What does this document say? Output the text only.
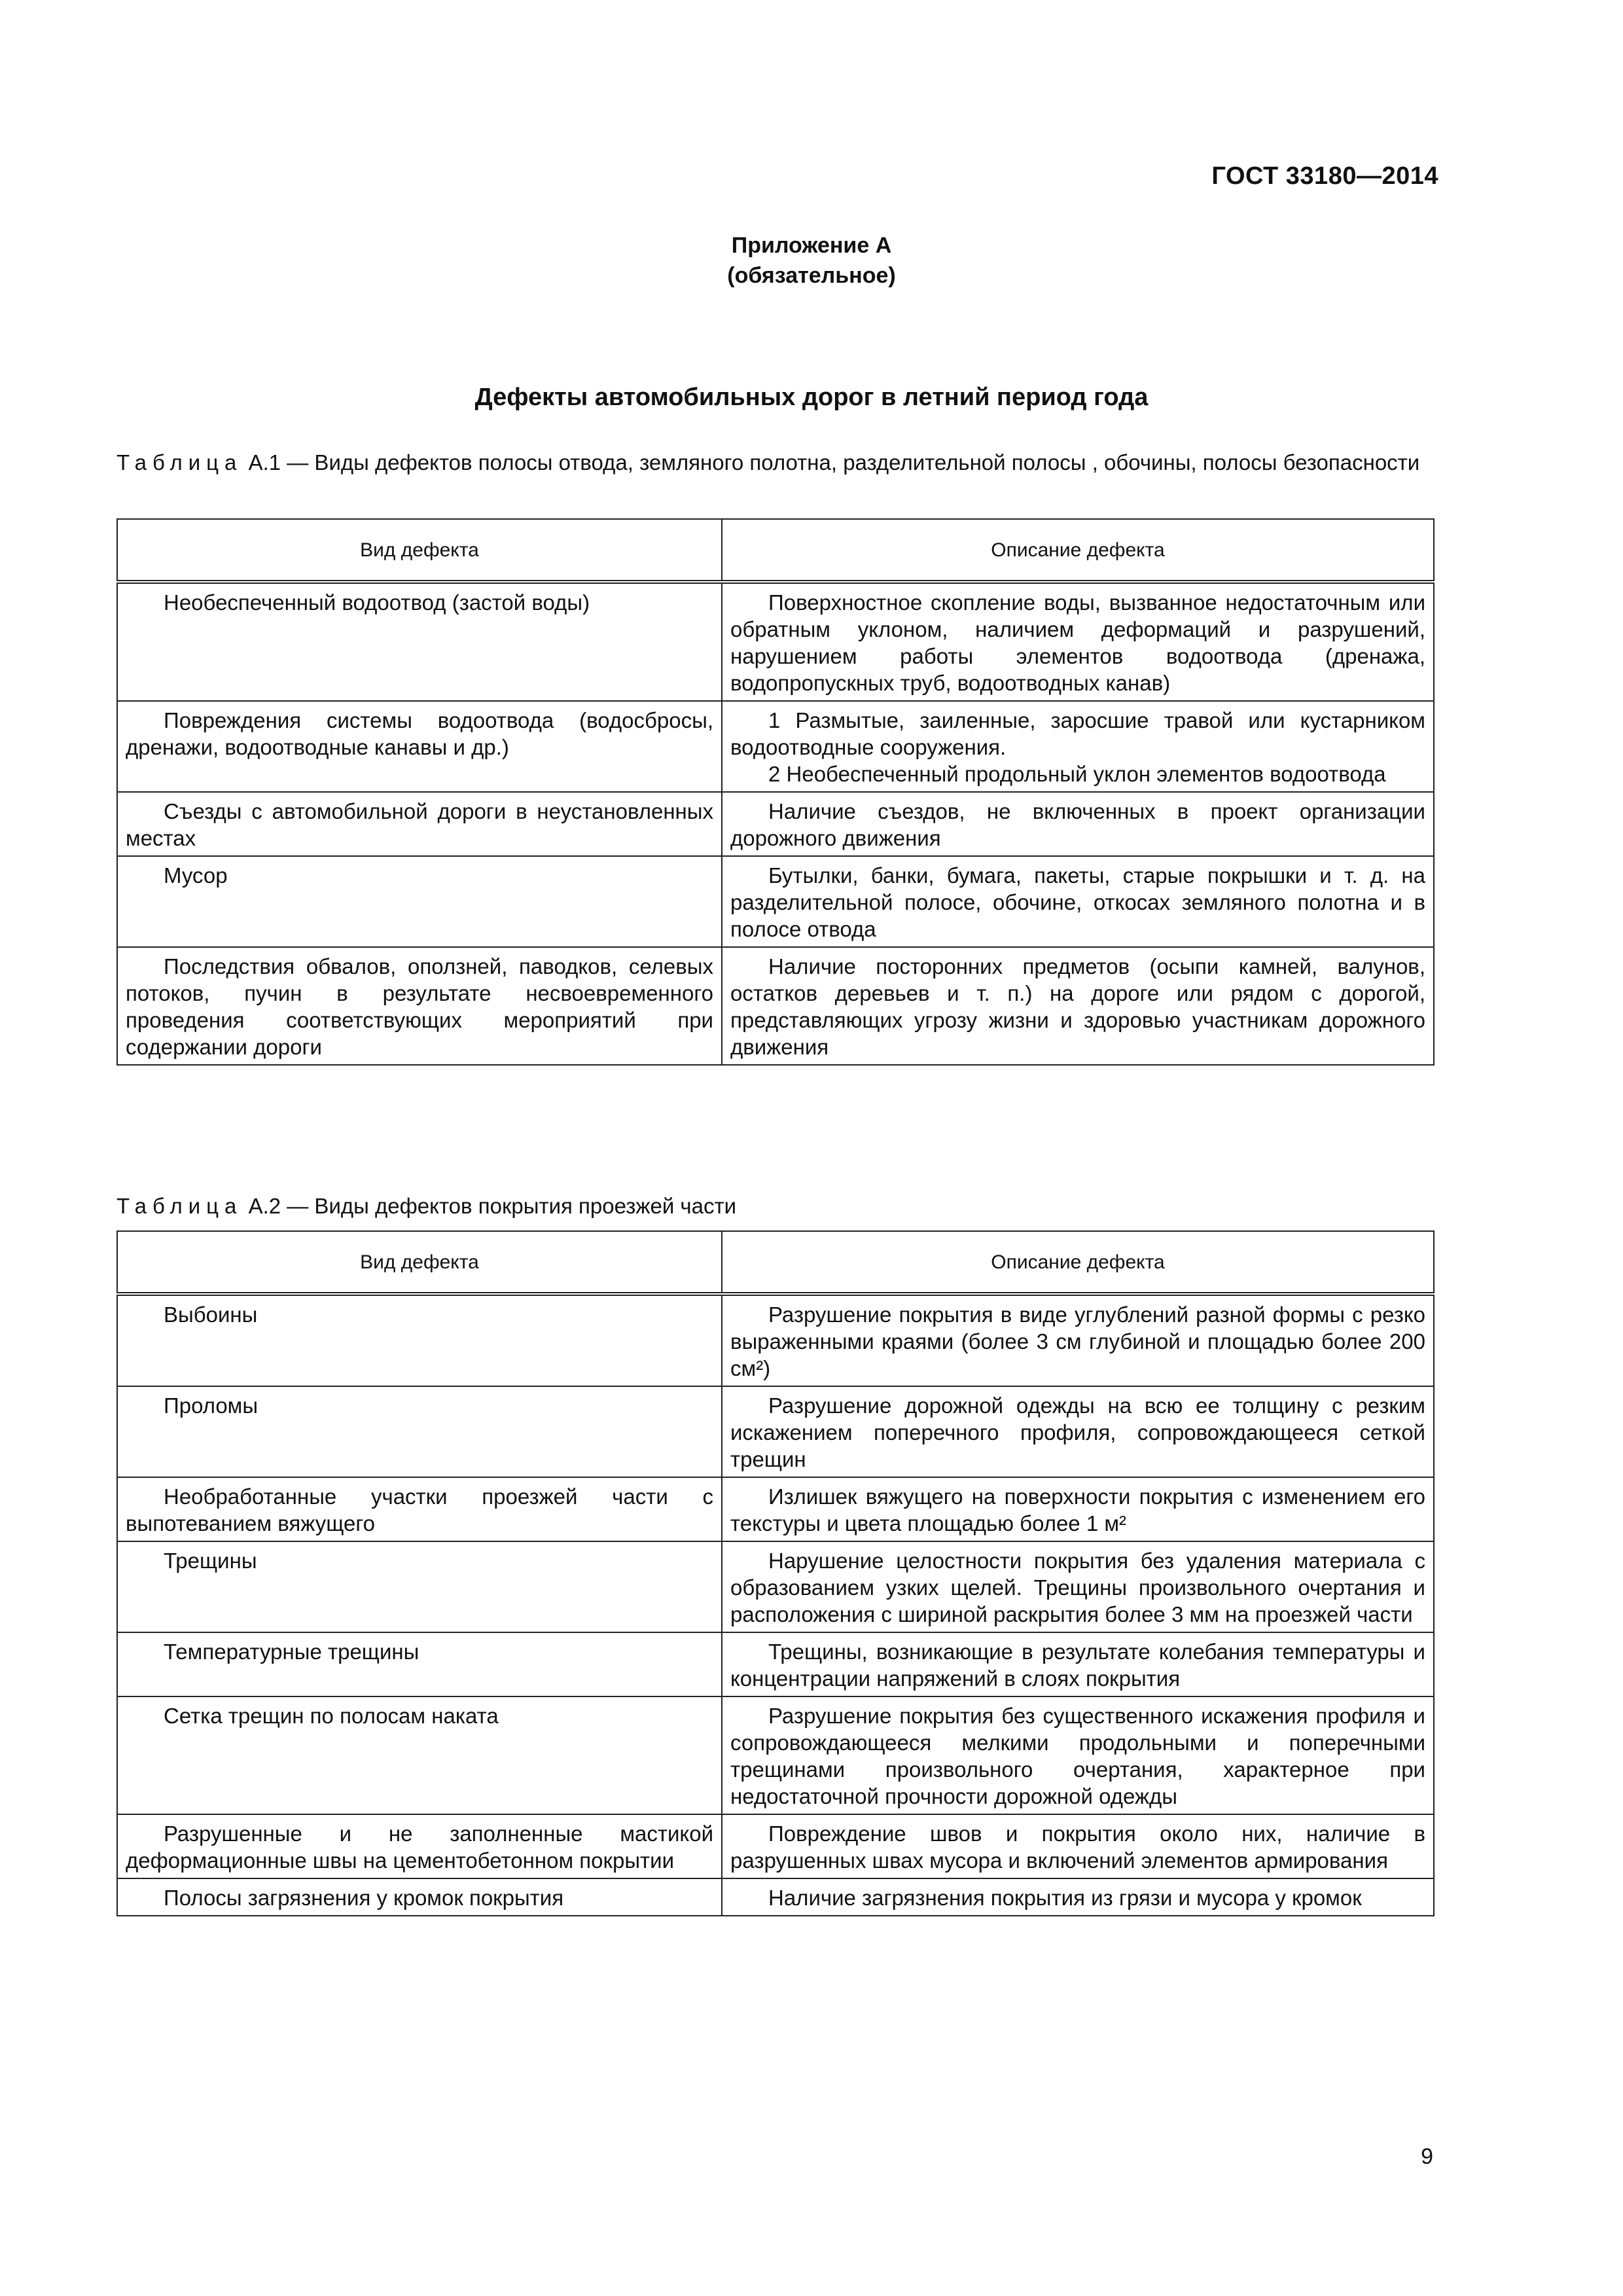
ГОСТ 33180—2014
Приложение А
(обязательное)
Дефекты автомобильных дорог в летний период года
Таблица А.1 — Виды дефектов полосы отвода, земляного полотна, разделительной полосы , обочины, полосы безопасности
Вид дефекта	Описание дефекта

Необеспеченный водоотвод (застой воды)	Поверхностное скопление воды, вызванное недостаточным или обратным уклоном, наличием деформаций и разрушений, нарушением работы элементов водоотвода (дренажа, водопропускных труб, водоотводных канав)

Повреждения системы водоотвода (водосбросы, дренажи, водоотводные канавы и др.)	1 Размытые, заиленные, заросшие травой или кустарником водоотводные сооружения.

2 Необеспеченный продольный уклон элементов водоотвода

Съезды с автомобильной дороги в неустановленных местах	Наличие съездов, не включенных в проект организации дорожного движения

Мусор	Бутылки, банки, бумага, пакеты, старые покрышки и т. д. на разделительной полосе, обочине, откосах земляного полотна и в полосе отвода

Последствия обвалов, оползней, паводков, селевых потоков, пучин в результате несвоевременного проведения соответствующих мероприятий при содержании дороги	Наличие посторонних предметов (осыпи камней, валунов, остатков деревьев и т. п.) на дороге или рядом с дорогой, представляющих угрозу жизни и здоровью участникам дорожного движения

Таблица А.2 — Виды дефектов покрытия проезжей части
Вид дефекта	Описание дефекта

Выбоины	Разрушение покрытия в виде углублений разной формы с резко выраженными краями (более 3 см глубиной и площадью более 200 см²)

Проломы	Разрушение дорожной одежды на всю ее толщину с резким искажением поперечного профиля, сопровождающееся сеткой трещин

Необработанные участки проезжей части с выпотеванием вяжущего	Излишек вяжущего на поверхности покрытия с изменением его текстуры и цвета площадью более 1 м²

Трещины	Нарушение целостности покрытия без удаления материала с образованием узких щелей. Трещины произвольного очертания и расположения с шириной раскрытия более 3 мм на проезжей части

Температурные трещины	Трещины, возникающие в результате колебания температуры и концентрации напряжений в слоях покрытия

Сетка трещин по полосам наката	Разрушение покрытия без существенного искажения профиля и сопровождающееся мелкими продольными и поперечными трещинами произвольного очертания, характерное при недостаточной прочности дорожной одежды

Разрушенные и не заполненные мастикой деформационные швы на цементобетонном покрытии	Повреждение швов и покрытия около них, наличие в разрушенных швах мусора и включений элементов армирования

Полосы загрязнения у кромок покрытия	Наличие загрязнения покрытия из грязи и мусора у кромок

9
